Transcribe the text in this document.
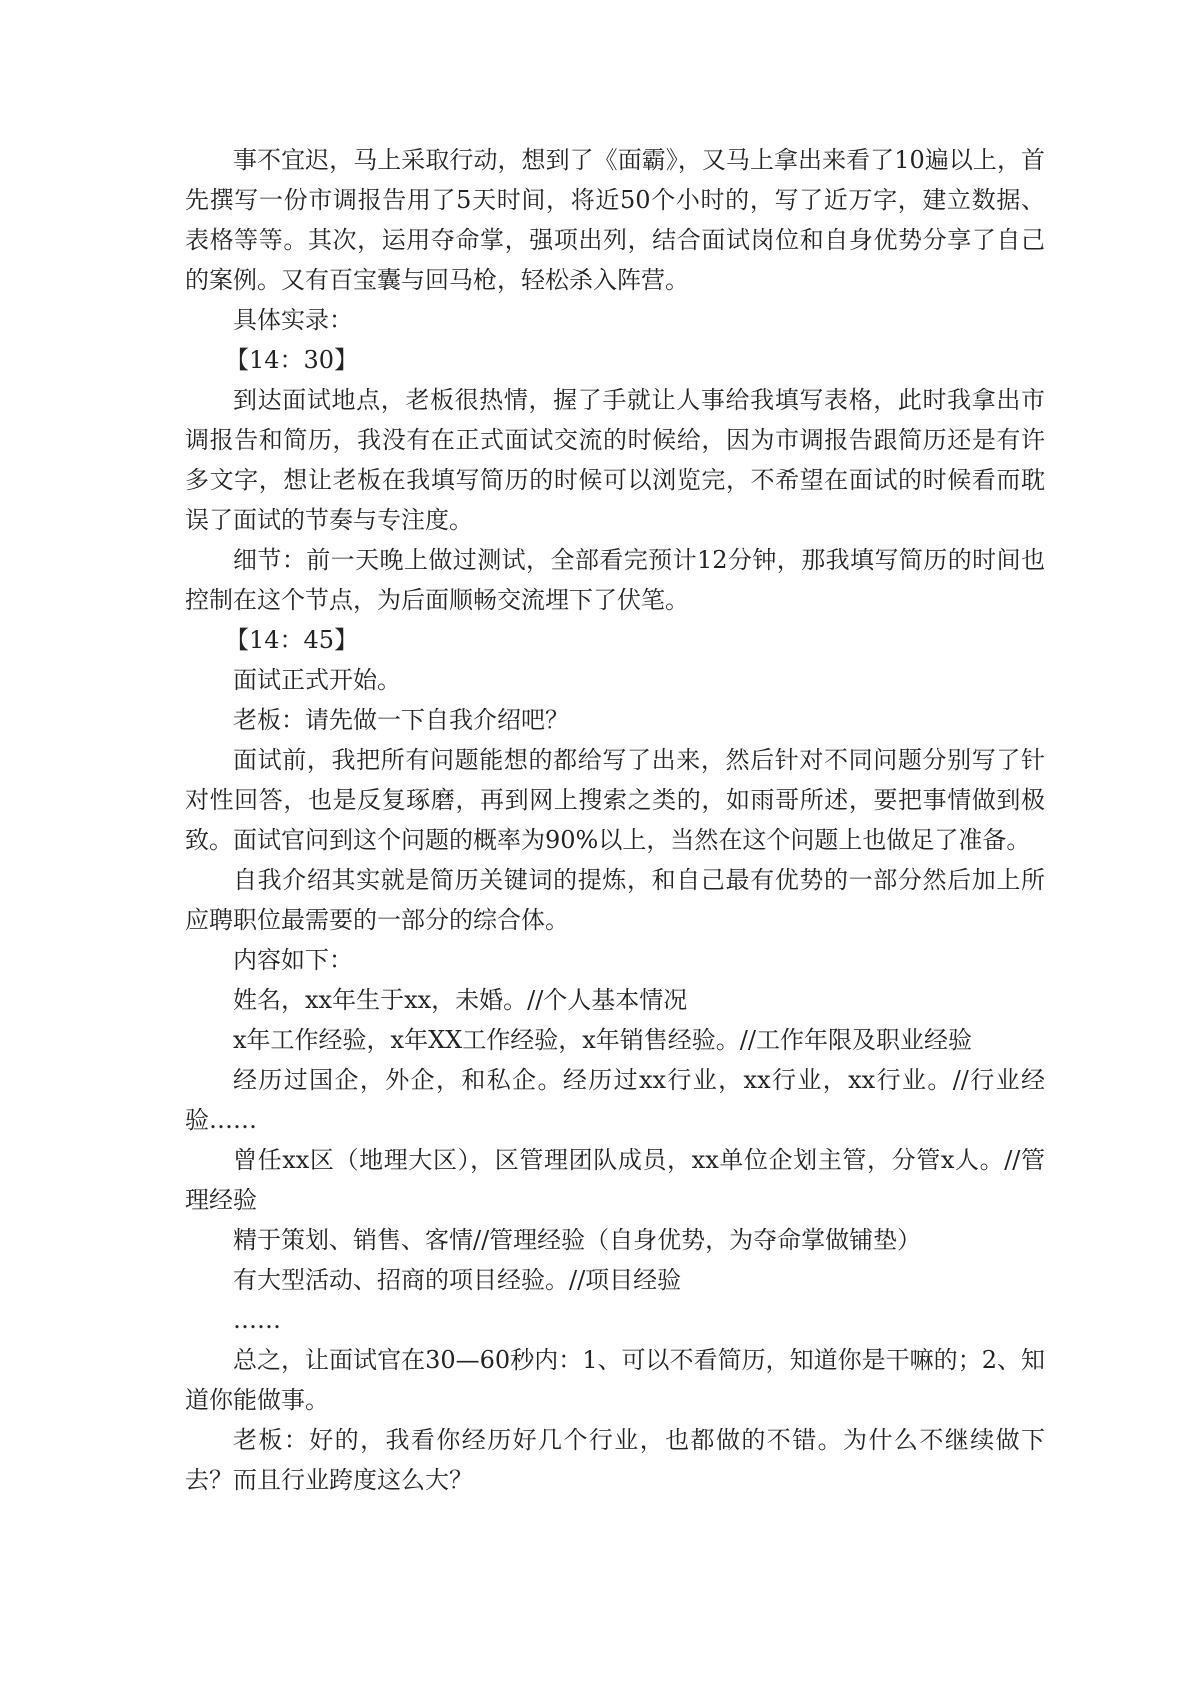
事不宜迟，马上采取行动，想到了《面霸》，又马上拿出来看了10遍以上，首先撰写一份市调报告用了5天时间，将近50个小时的，写了近万字，建立数据、表格等等。其次，运用夺命掌，强项出列，结合面试岗位和自身优势分享了自己的案例。又有百宝囊与回马枪，轻松杀入阵营。

具体实录：

【14：30】

到达面试地点，老板很热情，握了手就让人事给我填写表格，此时我拿出市调报告和简历，我没有在正式面试交流的时候给，因为市调报告跟简历还是有许多文字，想让老板在我填写简历的时候可以浏览完，不希望在面试的时候看而耽误了面试的节奏与专注度。

细节：前一天晚上做过测试，全部看完预计12分钟，那我填写简历的时间也控制在这个节点，为后面顺畅交流埋下了伏笔。

【14：45】

面试正式开始。

老板：请先做一下自我介绍吧？

面试前，我把所有问题能想的都给写了出来，然后针对不同问题分别写了针对性回答，也是反复琢磨，再到网上搜索之类的，如雨哥所述，要把事情做到极致。面试官问到这个问题的概率为90%以上，当然在这个问题上也做足了准备。

自我介绍其实就是简历关键词的提炼，和自己最有优势的一部分然后加上所应聘职位最需要的一部分的综合体。

内容如下：

姓名，xx年生于xx，未婚。//个人基本情况

x年工作经验，x年XX工作经验，x年销售经验。//工作年限及职业经验

经历过国企，外企，和私企。经历过xx行业，xx行业，xx行业。//行业经验……

曾任xx区（地理大区），区管理团队成员，xx单位企划主管，分管x人。//管理经验

精于策划、销售、客情//管理经验（自身优势，为夺命掌做铺垫）

有大型活动、招商的项目经验。//项目经验

……

总之，让面试官在30—60秒内：1、可以不看简历，知道你是干嘛的；2、知道你能做事。

老板：好的，我看你经历好几个行业，也都做的不错。为什么不继续做下去？而且行业跨度这么大？
